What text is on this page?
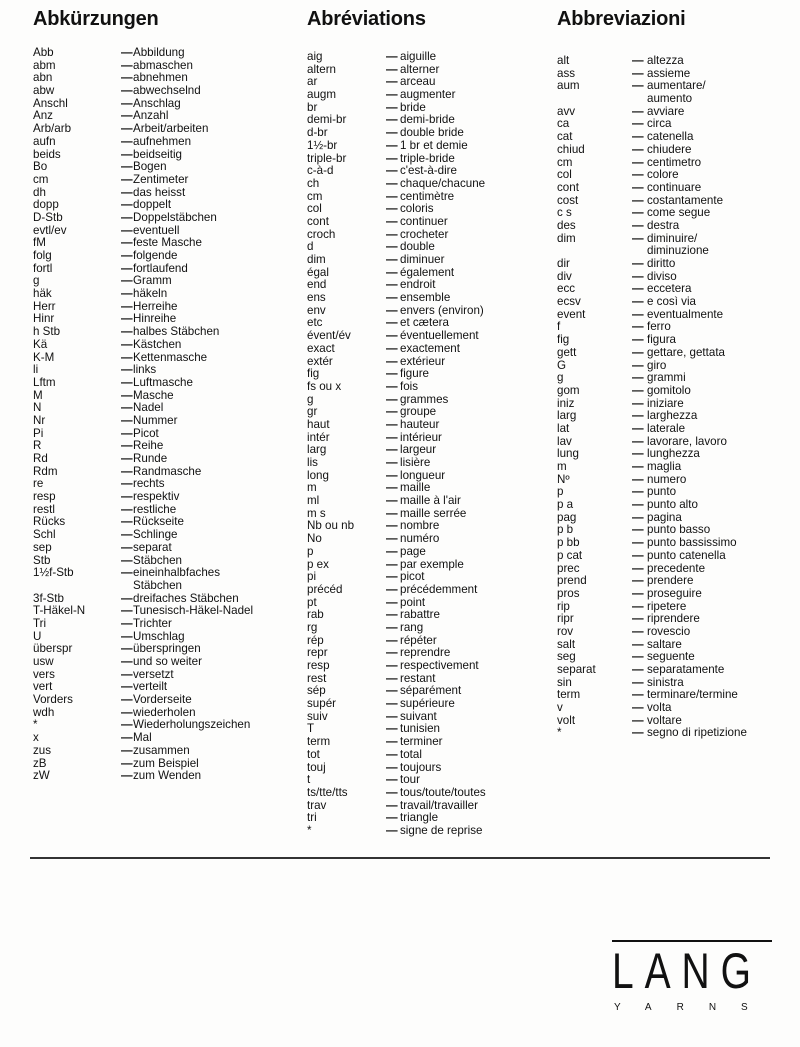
Abkürzungen
Abb	— Abbildung
abm	— abmaschen
abn	— abnehmen
abw	— abwechselnd
Anschl	— Anschlag
Anz	— Anzahl
Arb/arb	— Arbeit/arbeiten
aufn	— aufnehmen
beids	— beidseitig
Bo	— Bogen
cm	— Zentimeter
dh	— das heisst
dopp	— doppelt
D-Stb	— Doppelstäbchen
evtl/ev	— eventuell
fM	— feste Masche
folg	— folgende
fortl	— fortlaufend
g	— Gramm
häk	— häkeln
Herr	— Herreihe
Hinr	— Hinreihe
h Stb	— halbes Stäbchen
Kä	— Kästchen
K-M	— Kettenmasche
li	— links
Lftm	— Luftmasche
M	— Masche
N	— Nadel
Nr	— Nummer
Pi	— Picot
R	— Reihe
Rd	— Runde
Rdm	— Randmasche
re	— rechts
resp	— respektiv
restl	— restliche
Rücks	— Rückseite
Schl	— Schlinge
sep	— separat
Stb	— Stäbchen
1½f-Stb	— eineinhalbfaches
Stäbchen
3f-Stb	— dreifaches Stäbchen
T-Häkel-N	— Tunesisch-Häkel-Nadel
Tri	— Trichter
U	— Umschlag
überspr	— überspringen
usw	— und so weiter
vers	— versetzt
vert	— verteilt
Vorders	— Vorderseite
wdh	— wiederholen
*	— Wiederholungszeichen
x	— Mal
zus	— zusammen
zB	— zum Beispiel
zW	— zum Wenden
Abréviations
aig	— aiguille
altern	— alterner
ar	— arceau
augm	— augmenter
br	— bride
demi-br	— demi-bride
d-br	— double bride
1½-br	— 1 br et demie
triple-br	— triple-bride
c-à-d	— c'est-à-dire
ch	— chaque/chacune
cm	— centimètre
col	— coloris
cont	— continuer
croch	— crocheter
d	— double
dim	— diminuer
égal	— également
end	— endroit
ens	— ensemble
env	— envers (environ)
etc	— et cætera
évent/év	— éventuellement
exact	— exactement
extér	— extérieur
fig	— figure
fs ou x	— fois
g	— grammes
gr	— groupe
haut	— hauteur
intér	— intérieur
larg	— largeur
lis	— lisière
long	— longueur
m	— maille
ml	— maille à l'air
m s	— maille serrée
Nb ou nb	— nombre
No	— numéro
p	— page
p ex	— par exemple
pi	— picot
précéd	— précédemment
pt	— point
rab	— rabattre
rg	— rang
rép	— répéter
repr	— reprendre
resp	— respectivement
rest	— restant
sép	— séparément
supér	— supérieure
suiv	— suivant
T	— tunisien
term	— terminer
tot	— total
touj	— toujours
t	— tour
ts/tte/tts	— tous/toute/toutes
trav	— travail/travailler
tri	— triangle
*	— signe de reprise
Abbreviazioni
alt	— altezza
ass	— assieme
aum	— aumentare/
aumento
avv	— avviare
ca	— circa
cat	— catenella
chiud	— chiudere
cm	— centimetro
col	— colore
cont	— continuare
cost	— costantamente
c s	— come segue
des	— destra
dim	— diminuire/
diminuzione
dir	— diritto
div	— diviso
ecc	— eccetera
ecsv	— e così via
event	— eventualmente
f	— ferro
fig	— figura
gett	— gettare, gettata
G	— giro
g	— grammi
gom	— gomitolo
iniz	— iniziare
larg	— larghezza
lat	— laterale
lav	— lavorare, lavoro
lung	— lunghezza
m	— maglia
Nº	— numero
p	— punto
p a	— punto alto
pag	— pagina
p b	— punto basso
p bb	— punto bassissimo
p cat	— punto catenella
prec	— precedente
prend	— prendere
pros	— proseguire
rip	— ripetere
ripr	— riprendere
rov	— rovescio
salt	— saltare
seg	— seguente
separat	— separatamente
sin	— sinistra
term	— terminare/termine
v	— volta
volt	— voltare
*	— segno di ripetizione
LANG
YARNS
